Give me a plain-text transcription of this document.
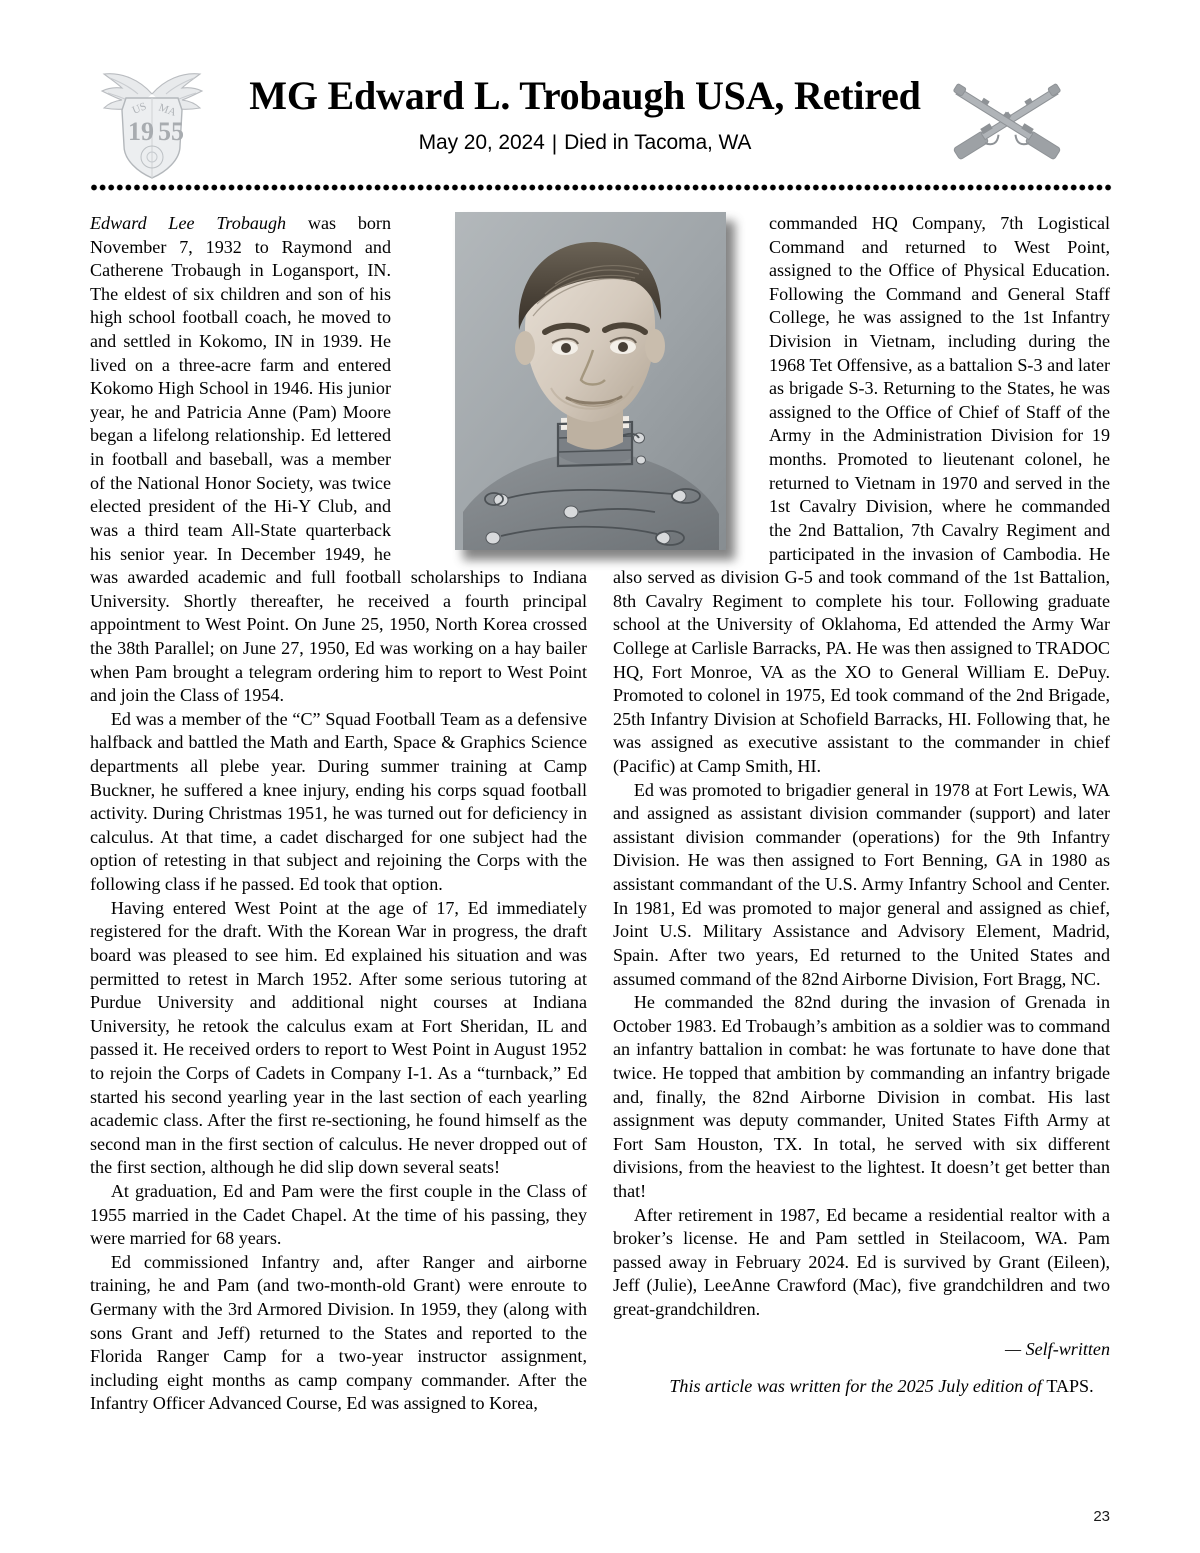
US MA
19 55
MG Edward L. Trobaugh USA, Retired
May 20, 2024 | Died in Tacoma, WA

Edward Lee Trobaugh was born November 7, 1932 to Raymond and Catherene Trobaugh in Logansport, IN. The eldest of six children and son of his high school football coach, he moved to and settled in Kokomo, IN in 1939. He lived on a three-acre farm and entered Kokomo High School in 1946. His junior year, he and Patricia Anne (Pam) Moore began a lifelong relationship. Ed lettered in football and baseball, was a member of the National Honor Society, was twice elected president of the Hi-Y Club, and was a third team All-State quarterback his senior year. In December 1949, he was awarded academic and full football scholarships to Indiana University. Shortly thereafter, he received a fourth principal appointment to West Point. On June 25, 1950, North Korea crossed the 38th Parallel; on June 27, 1950, Ed was working on a hay bailer when Pam brought a telegram ordering him to report to West Point and join the Class of 1954.

Ed was a member of the “C” Squad Football Team as a defensive halfback and battled the Math and Earth, Space & Graphics Science departments all plebe year. During summer training at Camp Buckner, he suffered a knee injury, ending his corps squad football activity. During Christmas 1951, he was turned out for deficiency in calculus. At that time, a cadet discharged for one subject had the option of retesting in that subject and rejoining the Corps with the following class if he passed. Ed took that option.

Having entered West Point at the age of 17, Ed immediately registered for the draft. With the Korean War in progress, the draft board was pleased to see him. Ed explained his situation and was permitted to retest in March 1952. After some serious tutoring at Purdue University and additional night courses at Indiana University, he retook the calculus exam at Fort Sheridan, IL and passed it. He received orders to report to West Point in August 1952 to rejoin the Corps of Cadets in Company I-1. As a “turnback,” Ed started his second yearling year in the last section of each yearling academic class. After the first re-sectioning, he found himself as the second man in the first section of calculus. He never dropped out of the first section, although he did slip down several seats!

At graduation, Ed and Pam were the first couple in the Class of 1955 married in the Cadet Chapel. At the time of his passing, they were married for 68 years.

Ed commissioned Infantry and, after Ranger and airborne training, he and Pam (and two-month-old Grant) were enroute to Germany with the 3rd Armored Division. In 1959, they (along with sons Grant and Jeff) returned to the States and reported to the Florida Ranger Camp for a two-year instructor assignment, including eight months as camp company commander. After the Infantry Officer Advanced Course, Ed was assigned to Korea,

commanded HQ Company, 7th Logistical Command and returned to West Point, assigned to the Office of Physical Education. Following the Command and General Staff College, he was assigned to the 1st Infantry Division in Vietnam, including during the 1968 Tet Offensive, as a battalion S-3 and later as brigade S-3. Returning to the States, he was assigned to the Office of Chief of Staff of the Army in the Administration Division for 19 months. Promoted to lieutenant colonel, he returned to Vietnam in 1970 and served in the 1st Cavalry Division, where he commanded the 2nd Battalion, 7th Cavalry Regiment and participated in the invasion of Cambodia. He also served as division G-5 and took command of the 1st Battalion, 8th Cavalry Regiment to complete his tour. Following graduate school at the University of Oklahoma, Ed attended the Army War College at Carlisle Barracks, PA. He was then assigned to TRADOC HQ, Fort Monroe, VA as the XO to General William E. DePuy. Promoted to colonel in 1975, Ed took command of the 2nd Brigade, 25th Infantry Division at Schofield Barracks, HI. Following that, he was assigned as executive assistant to the commander in chief (Pacific) at Camp Smith, HI.

Ed was promoted to brigadier general in 1978 at Fort Lewis, WA and assigned as assistant division commander (support) and later assistant division commander (operations) for the 9th Infantry Division. He was then assigned to Fort Benning, GA in 1980 as assistant commandant of the U.S. Army Infantry School and Center. In 1981, Ed was promoted to major general and assigned as chief, Joint U.S. Military Assistance and Advisory Element, Madrid, Spain. After two years, Ed returned to the United States and assumed command of the 82nd Airborne Division, Fort Bragg, NC.

He commanded the 82nd during the invasion of Grenada in October 1983. Ed Trobaugh’s ambition as a soldier was to command an infantry battalion in combat: he was fortunate to have done that twice. He topped that ambition by commanding an infantry brigade and, finally, the 82nd Airborne Division in combat. His last assignment was deputy commander, United States Fifth Army at Fort Sam Houston, TX. In total, he served with six different divisions, from the heaviest to the lightest. It doesn’t get better than that!

After retirement in 1987, Ed became a residential realtor with a broker’s license. He and Pam settled in Steilacoom, WA. Pam passed away in February 2024. Ed is survived by Grant (Eileen), Jeff (Julie), LeeAnne Crawford (Mac), five grandchildren and two great-grandchildren.

— Self-written
This article was written for the 2025 July edition of TAPS.
23
